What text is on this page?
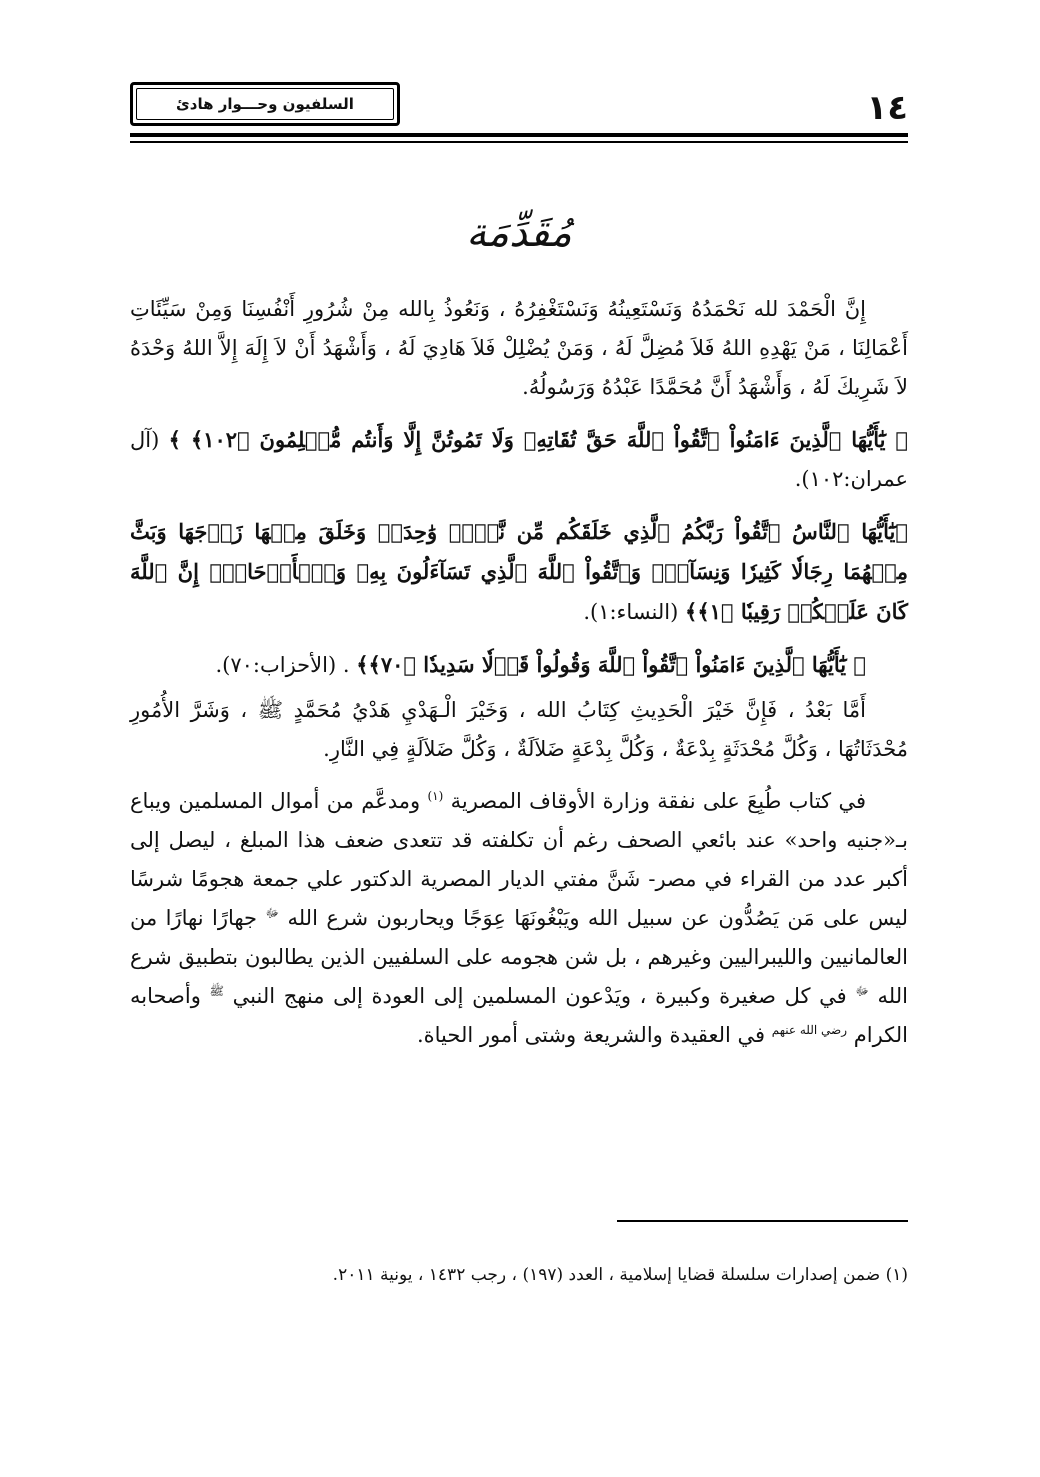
السلفيون وحـــوار هادئ	١٤
مُقَدِّمَة

إِنَّ الْحَمْدَ لله نَحْمَدُهُ وَنَسْتَعِينُهُ وَنَسْتَغْفِرُهُ ، وَنَعُوذُ بِالله مِنْ شُرُورِ أَنْفُسِنَا وَمِنْ سَيِّئَاتِ أَعْمَالِنَا ، مَنْ يَهْدِهِ اللهُ فَلاَ مُضِلَّ لَهُ ، وَمَنْ يُضْلِلْ فَلاَ هَادِيَ لَهُ ، وَأَشْهَدُ أَنْ لاَ إِلَهَ إِلاَّ اللهُ وَحْدَهُ لاَ شَرِيكَ لَهُ ، وَأَشْهَدُ أَنَّ مُحَمَّدًا عَبْدُهُ وَرَسُولُهُ.

﴿ يَٰٓأَيُّهَا ٱلَّذِينَ ءَامَنُواْ ٱتَّقُواْ ٱللَّهَ حَقَّ تُقَاتِهِۦ وَلَا تَمُوتُنَّ إِلَّا وَأَنتُم مُّسۡلِمُونَ ﴿١٠٢﴾ ﴾ (آل عمران:١٠٢).

﴿يَٰٓأَيُّهَا ٱلنَّاسُ ٱتَّقُواْ رَبَّكُمُ ٱلَّذِي خَلَقَكُم مِّن نَّفۡسٖ وَٰحِدَةٖ وَخَلَقَ مِنۡهَا زَوۡجَهَا وَبَثَّ مِنۡهُمَا رِجَالٗا كَثِيرٗا وَنِسَآءٗۚ وَٱتَّقُواْ ٱللَّهَ ٱلَّذِي تَسَآءَلُونَ بِهِۦ وَٱلۡأَرۡحَامَۚ إِنَّ ٱللَّهَ كَانَ عَلَيۡكُمۡ رَقِيبٗا ﴿١﴾﴾ (النساء:١).

﴿ يَٰٓأَيُّهَا ٱلَّذِينَ ءَامَنُواْ ٱتَّقُواْ ٱللَّهَ وَقُولُواْ قَوۡلٗا سَدِيدٗا ﴿٧٠﴾﴾ . (الأحزاب:٧٠).

أَمَّا بَعْدُ ، فَإِنَّ خَيْرَ الْحَدِيثِ كِتَابُ الله ، وَخَيْرَ الْـهَدْيِ هَدْيُ مُحَمَّدٍ ﷺ ، وَشَرَّ الأُمُورِ مُحْدَثَاتُهَا ، وَكُلَّ مُحْدَثَةٍ بِدْعَةٌ ، وَكُلَّ بِدْعَةٍ ضَلاَلَةٌ ، وَكُلَّ ضَلاَلَةٍ فِي النَّارِ.

في كتاب طُبِعَ على نفقة وزارة الأوقاف المصرية $^{(١)}$ ومدعَّم من أموال المسلمين ويباع بـ«جنيه واحد» عند بائعي الصحف رغم أن تكلفته قد تتعدى ضعف هذا المبلغ ، ليصل إلى أكبر عدد من القراء في مصر- شَنَّ مفتي الديار المصرية الدكتور علي جمعة هجومًا شرسًا ليس على مَن يَصُدُّون عن سبيل الله ويَبْغُونَهَا عِوَجًا ويحاربون شرع الله $^ﷻ$ جهارًا نهارًا من العالمانيين والليبراليين وغيرهم ، بل شن هجومه على السلفيين الذين يطالبون بتطبيق شرع الله $^ﷻ$ في كل صغيرة وكبيرة ، ويَدْعون المسلمين إلى العودة إلى منهج النبي $^ﷺ$ وأصحابه الكرام $^{رضي الله عنهم}$ في العقيدة والشريعة وشتى أمور الحياة.

(١) ضمن إصدارات سلسلة قضايا إسلامية ، العدد (١٩٧) ، رجب ١٤٣٢ ، يونية ٢٠١١.
